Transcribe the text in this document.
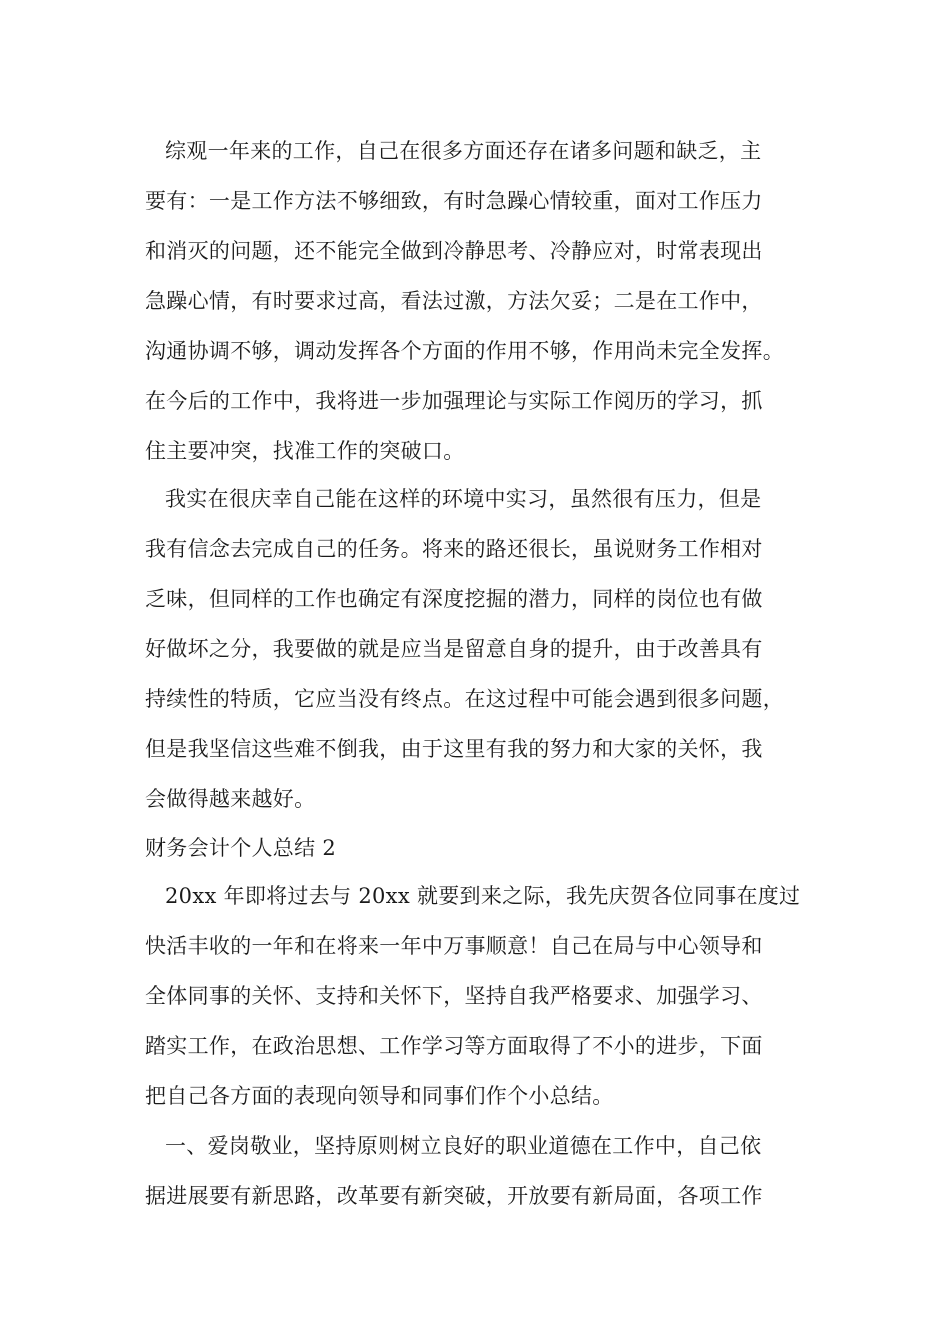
综观一年来的工作，自己在很多方面还存在诸多问题和缺乏，主
要有：一是工作方法不够细致，有时急躁心情较重，面对工作压力
和消灭的问题，还不能完全做到冷静思考、冷静应对，时常表现出
急躁心情，有时要求过高，看法过激，方法欠妥；二是在工作中，
沟通协调不够，调动发挥各个方面的作用不够，作用尚未完全发挥。
在今后的工作中，我将进一步加强理论与实际工作阅历的学习，抓
住主要冲突，找准工作的突破口。
我实在很庆幸自己能在这样的环境中实习，虽然很有压力，但是
我有信念去完成自己的任务。将来的路还很长，虽说财务工作相对
乏味，但同样的工作也确定有深度挖掘的潜力，同样的岗位也有做
好做坏之分，我要做的就是应当是留意自身的提升，由于改善具有
持续性的特质，它应当没有终点。在这过程中可能会遇到很多问题，
但是我坚信这些难不倒我，由于这里有我的努力和大家的关怀，我
会做得越来越好。
财务会计个人总结 2
20xx 年即将过去与 20xx 就要到来之际，我先庆贺各位同事在度过
快活丰收的一年和在将来一年中万事顺意！自己在局与中心领导和
全体同事的关怀、支持和关怀下，坚持自我严格要求、加强学习、
踏实工作，在政治思想、工作学习等方面取得了不小的进步，下面
把自己各方面的表现向领导和同事们作个小总结。
一、爱岗敬业，坚持原则树立良好的职业道德在工作中，自己依
据进展要有新思路，改革要有新突破，开放要有新局面，各项工作
